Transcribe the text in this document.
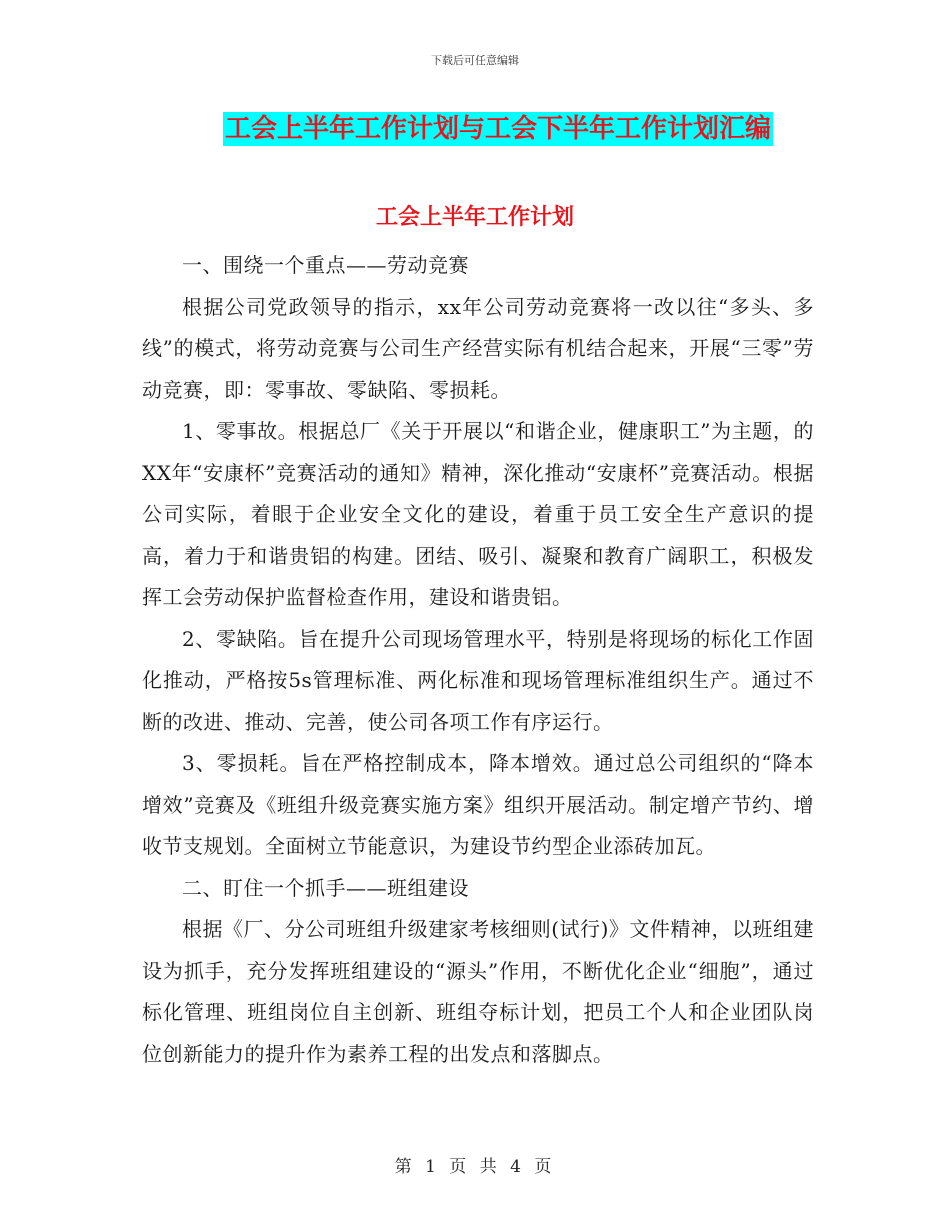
下载后可任意编辑
工会上半年工作计划与工会下半年工作计划汇编
工会上半年工作计划

一、围绕一个重点——劳动竞赛

根据公司党政领导的指示，xx年公司劳动竞赛将一改以往“多头、多线”的模式，将劳动竞赛与公司生产经营实际有机结合起来，开展“三零”劳动竞赛，即：零事故、零缺陷、零损耗。

1、零事故。根据总厂《关于开展以“和谐企业，健康职工”为主题，的XX年“安康杯”竞赛活动的通知》精神，深化推动“安康杯”竞赛活动。根据公司实际，着眼于企业安全文化的建设，着重于员工安全生产意识的提高，着力于和谐贵铝的构建。团结、吸引、凝聚和教育广阔职工，积极发挥工会劳动保护监督检查作用，建设和谐贵铝。

2、零缺陷。旨在提升公司现场管理水平，特别是将现场的标化工作固化推动，严格按5s管理标准、两化标准和现场管理标准组织生产。通过不断的改进、推动、完善，使公司各项工作有序运行。

3、零损耗。旨在严格控制成本，降本增效。通过总公司组织的“降本增效”竞赛及《班组升级竞赛实施方案》组织开展活动。制定增产节约、增收节支规划。全面树立节能意识，为建设节约型企业添砖加瓦。

二、盯住一个抓手——班组建设

根据《厂、分公司班组升级建家考核细则(试行)》文件精神，以班组建设为抓手，充分发挥班组建设的“源头”作用，不断优化企业“细胞”，通过标化管理、班组岗位自主创新、班组夺标计划，把员工个人和企业团队岗位创新能力的提升作为素养工程的出发点和落脚点。

第 1 页 共 4 页
